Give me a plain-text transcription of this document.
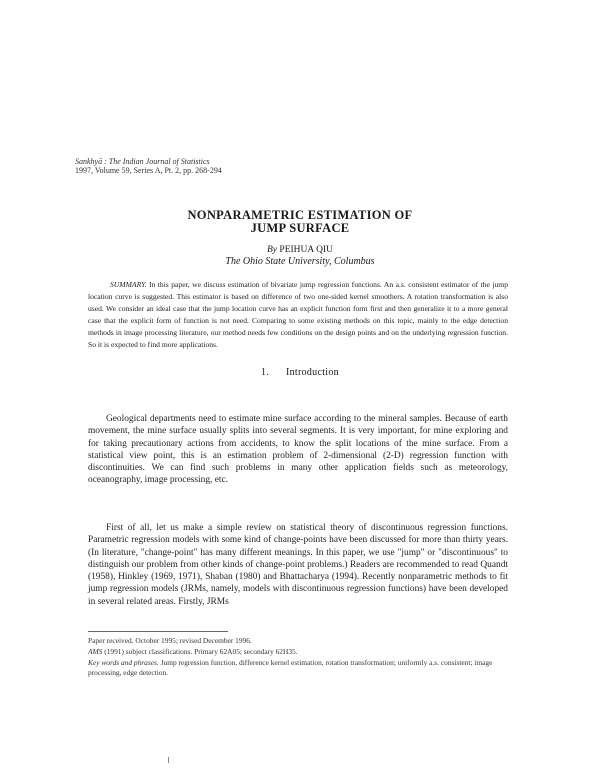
Sankhyā : The Indian Journal of Statistics
1997, Volume 59, Series A, Pt. 2, pp. 268-294
NONPARAMETRIC ESTIMATION OF
JUMP SURFACE
By PEIHUA QIU
The Ohio State University, Columbus

SUMMARY. In this paper, we discuss estimation of bivariate jump regression functions. An a.s. consistent estimator of the jump location curve is suggested. This estimator is based on difference of two one-sided kernel smoothers. A rotation transformation is also used. We consider an ideal case that the jump location curve has an explicit function form first and then generalize it to a more general case that the explicit form of function is not need. Comparing to some existing methods on this topic, mainly to the edge detection methods in image processing literature, our method needs few conditions on the design points and on the underlying regression function. So it is expected to find more applications.

1. Introduction

Geological departments need to estimate mine surface according to the mineral samples. Because of earth movement, the mine surface usually splits into several segments. It is very important, for mine exploring and for taking precautionary actions from accidents, to know the split locations of the mine surface. From a statistical view point, this is an estimation problem of 2-dimensional (2-D) regression function with discontinuities. We can find such problems in many other application fields such as meteorology, oceanography, image processing, etc.

First of all, let us make a simple review on statistical theory of discontinuous regression functions. Parametric regression models with some kind of change-points have been discussed for more than thirty years. (In literature, "change-point" has many different meanings. In this paper, we use "jump" or "discontinuous" to distinguish our problem from other kinds of change-point problems.) Readers are recommended to read Quandt (1958), Hinkley (1969, 1971), Shaban (1980) and Bhattacharya (1994). Recently nonparametric methods to fit jump regression models (JRMs, namely, models with discontinuous regression functions) have been developed in several related areas. Firstly, JRMs

Paper received. October 1995; revised December 1996.
AMS (1991) subject classifications. Primary 62A05; secondary 62H35.
Key words and phrases. Jump regression function, difference kernel estimation, rotation transformation; uniformly a.s. consistent; image processing, edge detection.
